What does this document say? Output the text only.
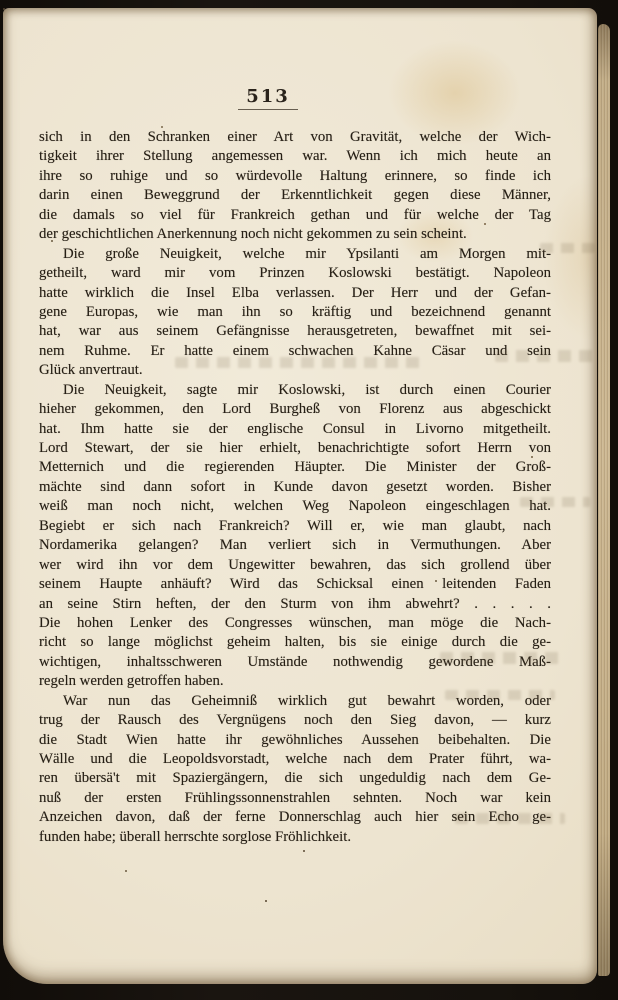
513
sich in den Schranken einer Art von Gravität, welche der Wich-
tigkeit ihrer Stellung angemessen war. Wenn ich mich heute an
ihre so ruhige und so würdevolle Haltung erinnere, so finde ich
darin einen Beweggrund der Erkenntlichkeit gegen diese Männer,
die damals so viel für Frankreich gethan und für welche der Tag
der geschichtlichen Anerkennung noch nicht gekommen zu sein scheint.
Die große Neuigkeit, welche mir Ypsilanti am Morgen mit-
getheilt, ward mir vom Prinzen Koslowski bestätigt. Napoleon
hatte wirklich die Insel Elba verlassen. Der Herr und der Gefan-
gene Europas, wie man ihn so kräftig und bezeichnend genannt
hat, war aus seinem Gefängnisse herausgetreten, bewaffnet mit sei-
nem Ruhme. Er hatte einem schwachen Kahne Cäsar und sein
Glück anvertraut.
Die Neuigkeit, sagte mir Koslowski, ist durch einen Courier
hieher gekommen, den Lord Burgheß von Florenz aus abgeschickt
hat. Ihm hatte sie der englische Consul in Livorno mitgetheilt.
Lord Stewart, der sie hier erhielt, benachrichtigte sofort Herrn von
Metternich und die regierenden Häupter. Die Minister der Groß-
mächte sind dann sofort in Kunde davon gesetzt worden. Bisher
weiß man noch nicht, welchen Weg Napoleon eingeschlagen hat.
Begiebt er sich nach Frankreich? Will er, wie man glaubt, nach
Nordamerika gelangen? Man verliert sich in Vermuthungen. Aber
wer wird ihn vor dem Ungewitter bewahren, das sich grollend über
seinem Haupte anhäuft? Wird das Schicksal einen leitenden Faden
an seine Stirn heften, der den Sturm von ihm abwehrt? . . . . .
Die hohen Lenker des Congresses wünschen, man möge die Nach-
richt so lange möglichst geheim halten, bis sie einige durch die ge-
wichtigen, inhaltsschweren Umstände nothwendig gewordene Maß-
regeln werden getroffen haben.
War nun das Geheimniß wirklich gut bewahrt worden, oder
trug der Rausch des Vergnügens noch den Sieg davon, — kurz
die Stadt Wien hatte ihr gewöhnliches Aussehen beibehalten. Die
Wälle und die Leopoldsvorstadt, welche nach dem Prater führt, wa-
ren übersä't mit Spaziergängern, die sich ungeduldig nach dem Ge-
nuß der ersten Frühlingssonnenstrahlen sehnten. Noch war kein
Anzeichen davon, daß der ferne Donnerschlag auch hier sein Echo ge-
funden habe; überall herrschte sorglose Fröhlichkeit.
